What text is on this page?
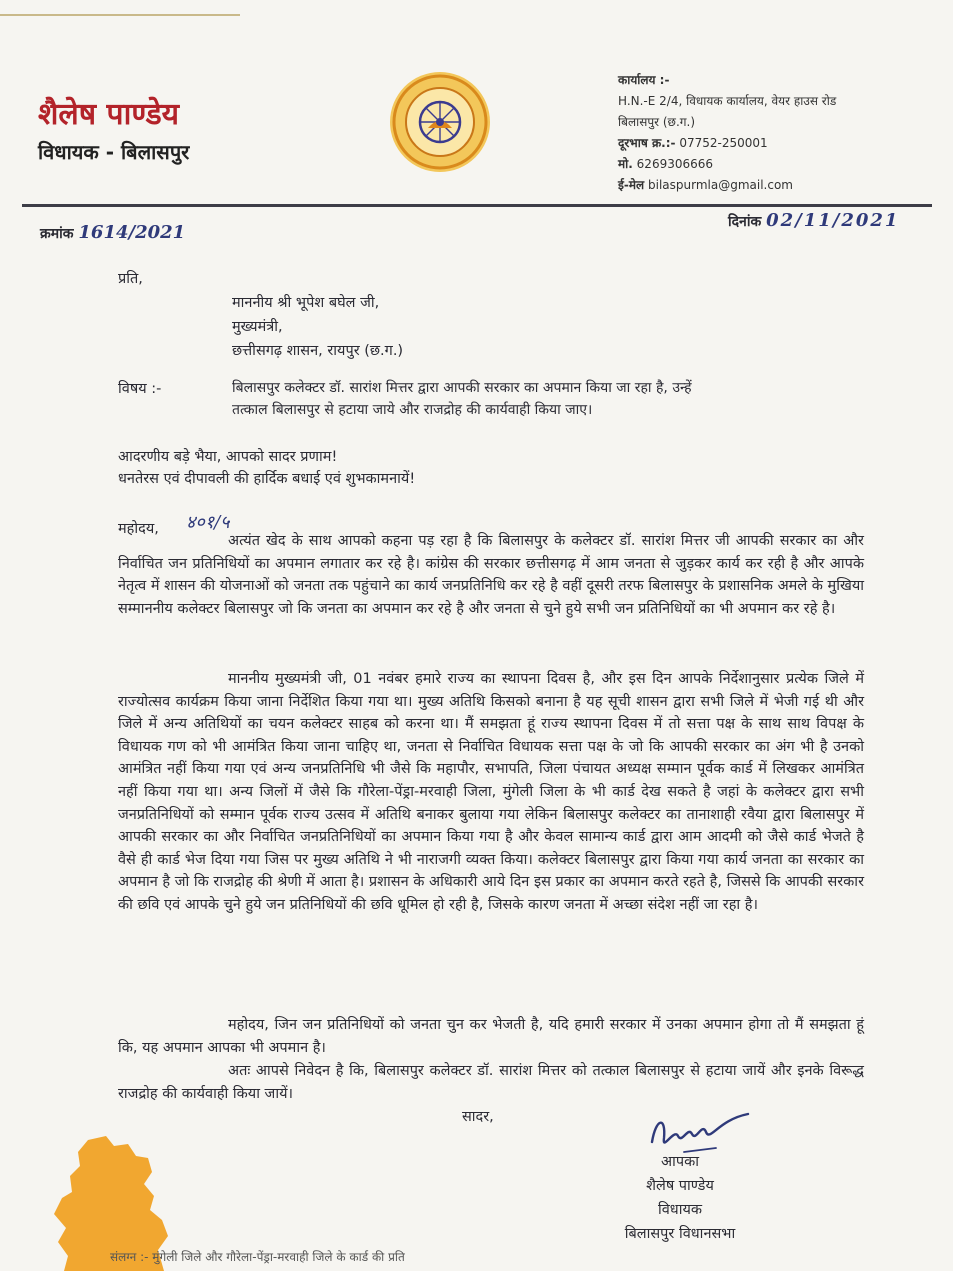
शैलेष पाण्डेय
विधायक - बिलासपुर
कार्यालय :-
H.N.-E 2/4, विधायक कार्यालय, वेयर हाउस रोड
बिलासपुर (छ.ग.)
दूरभाष क्र.:- 07752-250001
मो. 6269306666
ई-मेल bilaspurmla@gmail.com
क्रमांक 1614/2021	दिनांक 02/11/2021
प्रति,
माननीय श्री भूपेश बघेल जी,
मुख्यमंत्री,
छत्तीसगढ़ शासन, रायपुर (छ.ग.)
विषय :-	बिलासपुर कलेक्टर डॉ. सारांश मित्तर द्वारा आपकी सरकार का अपमान किया जा रहा है, उन्हें
तत्काल बिलासपुर से हटाया जाये और राजद्रोह की कार्यवाही किया जाए।
आदरणीय बड़े भैया, आपको सादर प्रणाम!
धनतेरस एवं दीपावली की हार्दिक बधाई एवं शुभकामनायें!
महोदय, ४०१/५
अत्यंत खेद के साथ आपको कहना पड़ रहा है कि बिलासपुर के कलेक्टर डॉ. सारांश मित्तर जी आपकी सरकार का और निर्वाचित जन प्रतिनिधियों का अपमान लगातार कर रहे है। कांग्रेस की सरकार छत्तीसगढ़ में आम जनता से जुड़कर कार्य कर रही है और आपके नेतृत्व में शासन की योजनाओं को जनता तक पहुंचाने का कार्य जनप्रतिनिधि कर रहे है वहीं दूसरी तरफ बिलासपुर के प्रशासनिक अमले के मुखिया सम्माननीय कलेक्टर बिलासपुर जो कि जनता का अपमान कर रहे है और जनता से चुने हुये सभी जन प्रतिनिधियों का भी अपमान कर रहे है।
माननीय मुख्यमंत्री जी, 01 नवंबर हमारे राज्य का स्थापना दिवस है, और इस दिन आपके निर्देशानुसार प्रत्येक जिले में राज्योत्सव कार्यक्रम किया जाना निर्देशित किया गया था। मुख्य अतिथि किसको बनाना है यह सूची शासन द्वारा सभी जिले में भेजी गई थी और जिले में अन्य अतिथियों का चयन कलेक्टर साहब को करना था। मैं समझता हूं राज्य स्थापना दिवस में तो सत्ता पक्ष के साथ साथ विपक्ष के विधायक गण को भी आमंत्रित किया जाना चाहिए था, जनता से निर्वाचित विधायक सत्ता पक्ष के जो कि आपकी सरकार का अंग भी है उनको आमंत्रित नहीं किया गया एवं अन्य जनप्रतिनिधि भी जैसे कि महापौर, सभापति, जिला पंचायत अध्यक्ष सम्मान पूर्वक कार्ड में लिखकर आमंत्रित नहीं किया गया था। अन्य जिलों में जैसे कि गौरेला-पेंड्रा-मरवाही जिला, मुंगेली जिला के भी कार्ड देख सकते है जहां के कलेक्टर द्वारा सभी जनप्रतिनिधियों को सम्मान पूर्वक राज्य उत्सव में अतिथि बनाकर बुलाया गया लेकिन बिलासपुर कलेक्टर का तानाशाही रवैया द्वारा बिलासपुर में आपकी सरकार का और निर्वाचित जनप्रतिनिधियों का अपमान किया गया है और केवल सामान्य कार्ड द्वारा आम आदमी को जैसे कार्ड भेजते है वैसे ही कार्ड भेज दिया गया जिस पर मुख्य अतिथि ने भी नाराजगी व्यक्त किया। कलेक्टर बिलासपुर द्वारा किया गया कार्य जनता का सरकार का अपमान है जो कि राजद्रोह की श्रेणी में आता है। प्रशासन के अधिकारी आये दिन इस प्रकार का अपमान करते रहते है, जिससे कि आपकी सरकार की छवि एवं आपके चुने हुये जन प्रतिनिधियों की छवि धूमिल हो रही है, जिसके कारण जनता में अच्छा संदेश नहीं जा रहा है।
महोदय, जिन जन प्रतिनिधियों को जनता चुन कर भेजती है, यदि हमारी सरकार में उनका अपमान होगा तो मैं समझता हूं कि, यह अपमान आपका भी अपमान है।
अतः आपसे निवेदन है कि, बिलासपुर कलेक्टर डॉ. सारांश मित्तर को तत्काल बिलासपुर से हटाया जायें और इनके विरूद्ध राजद्रोह की कार्यवाही किया जायें।
सादर,
आपका
शैलेष पाण्डेय
विधायक
बिलासपुर विधानसभा
संलग्न :- मुंगेली जिले और गौरेला-पेंड्रा-मरवाही जिले के कार्ड की प्रति
